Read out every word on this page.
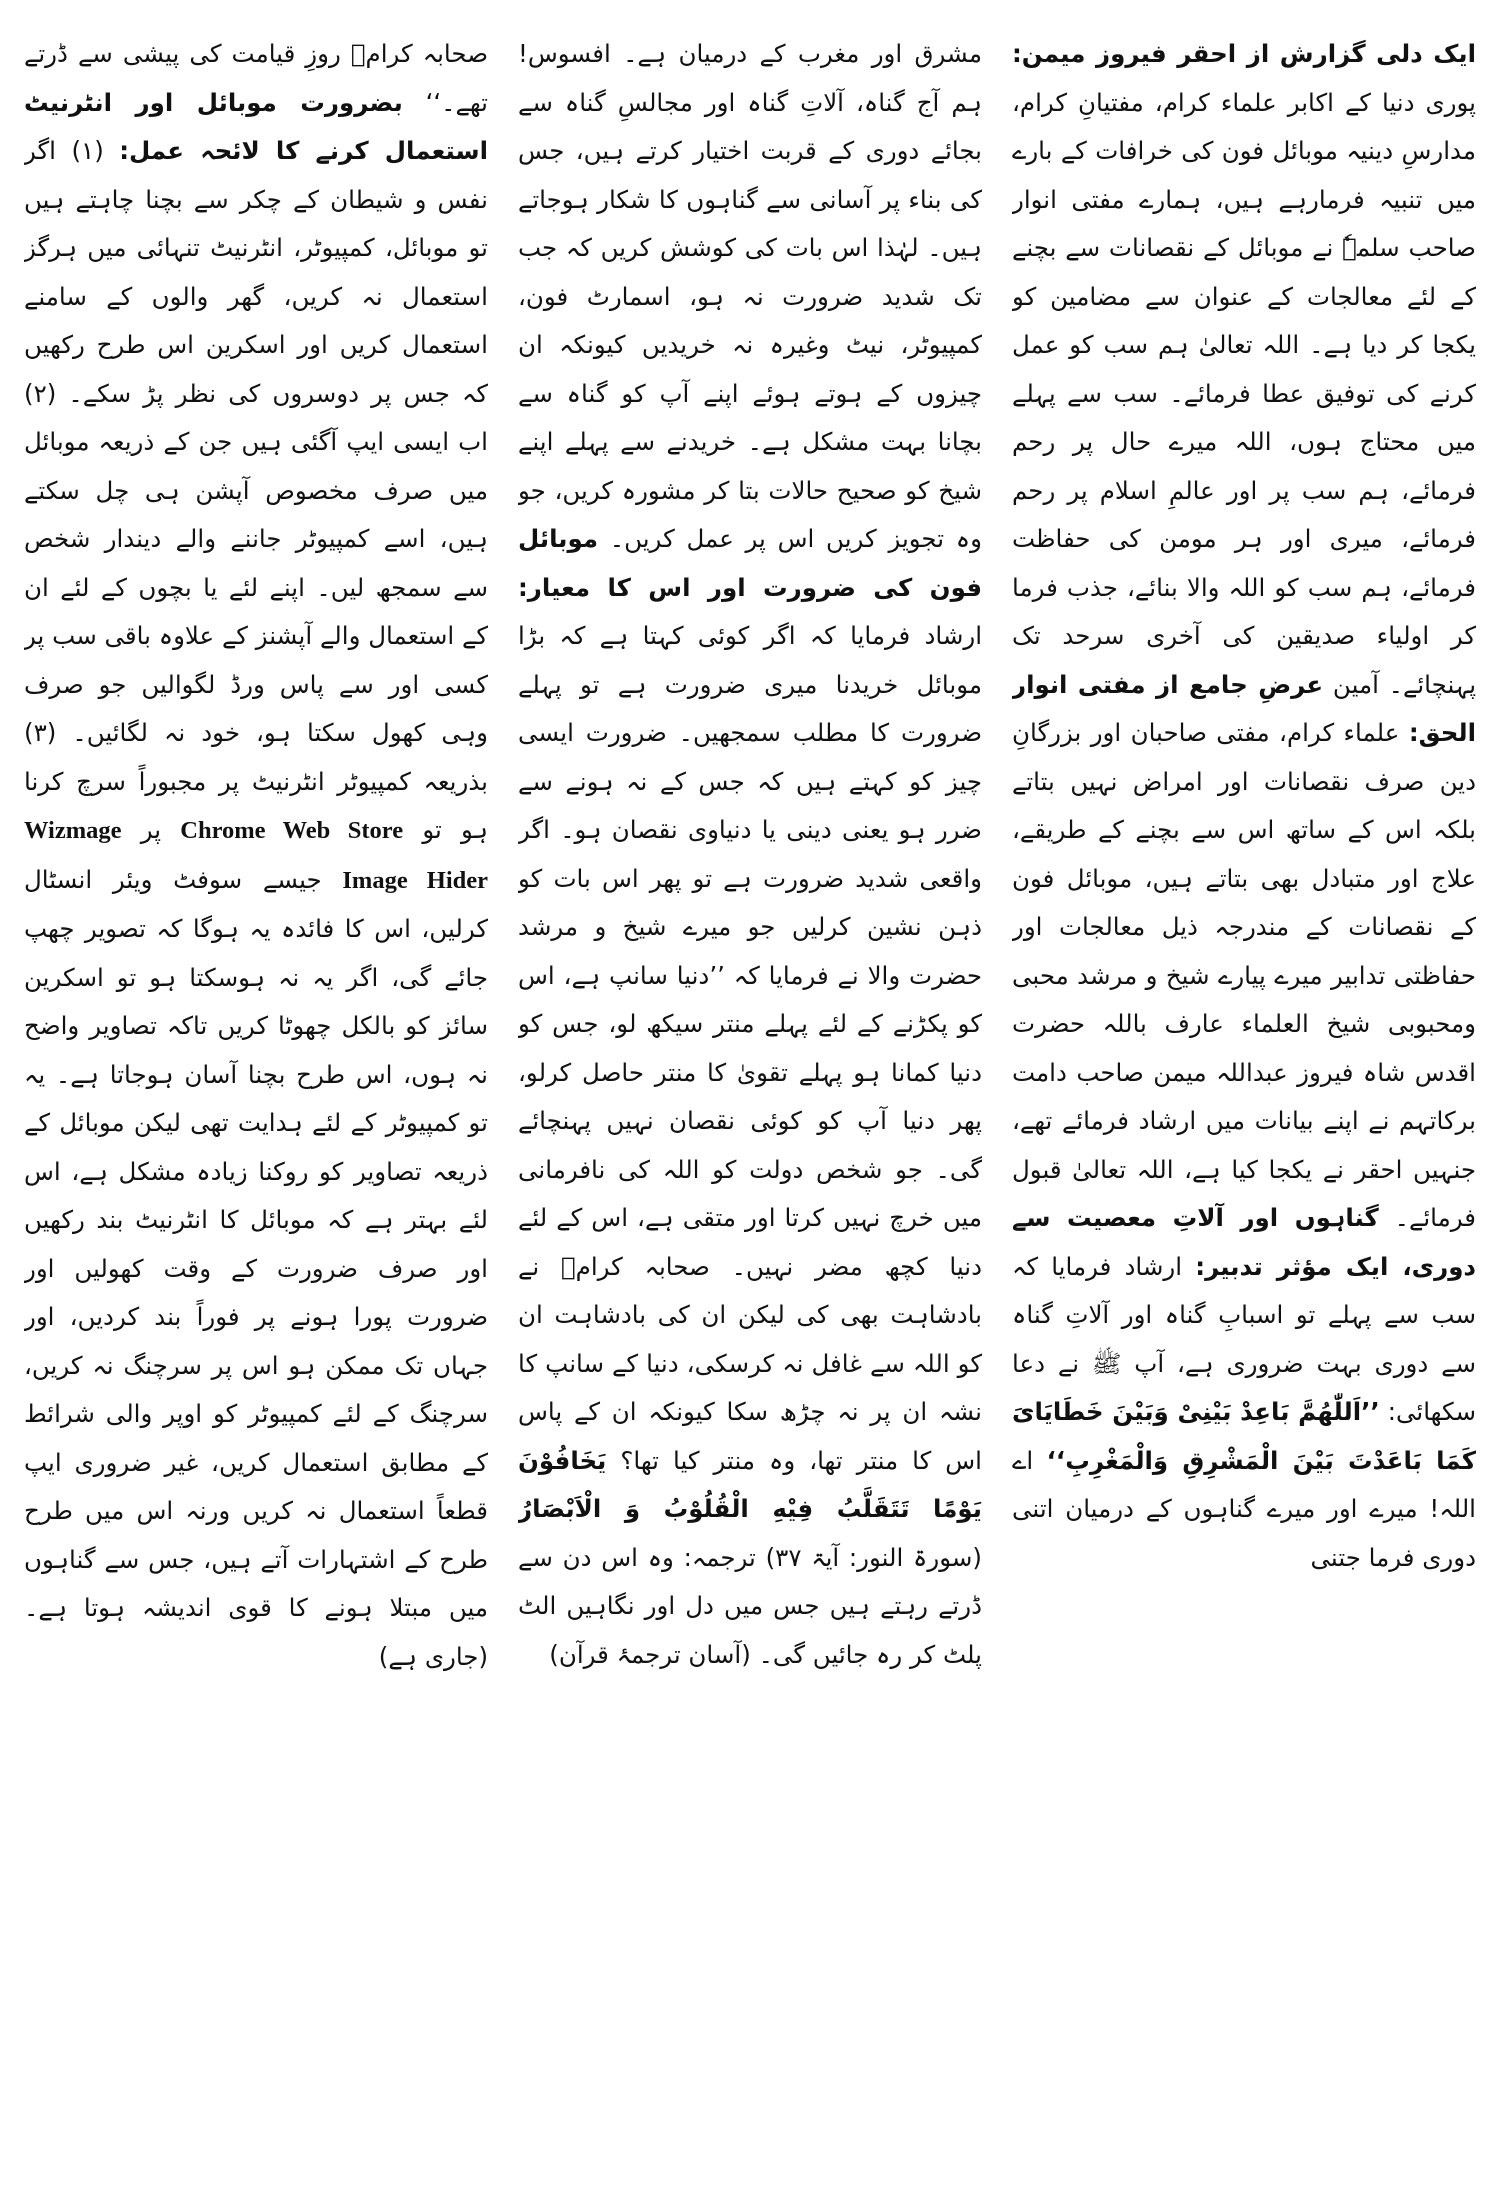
ایک دلی گزارش از احقر فیروز میمن: پوری دنیا کے اکابر علماء کرام، مفتیانِ کرام، مدارسِ دینیہ موبائل فون کی خرافات کے بارے میں تنبیہ فرمارہے ہیں، ہمارے مفتی انوار صاحب سلمہٗ نے موبائل کے نقصانات سے بچنے کے لئے معالجات کے عنوان سے مضامین کو یکجا کر دیا ہے۔ اللہ تعالیٰ ہم سب کو عمل کرنے کی توفیق عطا فرمائے۔ سب سے پہلے میں محتاج ہوں، اللہ میرے حال پر رحم فرمائے، ہم سب پر اور عالمِ اسلام پر رحم فرمائے، میری اور ہر مومن کی حفاظت فرمائے، ہم سب کو اللہ والا بنائے، جذب فرما کر اولیاء صدیقین کی آخری سرحد تک پہنچائے۔ آمین عرضِ جامع از مفتی انوار الحق: علماء کرام، مفتی صاحبان اور بزرگانِ دین صرف نقصانات اور امراض نہیں بتاتے بلکہ اس کے ساتھ اس سے بچنے کے طریقے، علاج اور متبادل بھی بتاتے ہیں، موبائل فون کے نقصانات کے مندرجہ ذیل معالجات اور حفاظتی تدابیر میرے پیارے شیخ و مرشد محبی ومحبوبی شیخ العلماء عارف باللہ حضرت اقدس شاہ فیروز عبداللہ میمن صاحب دامت برکاتہم نے اپنے بیانات میں ارشاد فرمائے تھے، جنہیں احقر نے یکجا کیا ہے، اللہ تعالیٰ قبول فرمائے۔ گناہوں اور آلاتِ معصیت سے دوری، ایک مؤثر تدبیر: ارشاد فرمایا کہ سب سے پہلے تو اسبابِ گناہ اور آلاتِ گناہ سے دوری بہت ضروری ہے، آپ ﷺ نے دعا سکھائی: ’’اَللّٰھُمَّ بَاعِدْ بَیْنِیْ وَبَیْنَ خَطَایَایَ کَمَا بَاعَدْتَ بَیْنَ الْمَشْرِقِ وَالْمَغْرِبِ‘‘ اے اللہ! میرے اور میرے گناہوں کے درمیان اتنی دوری فرما جتنی

مشرق اور مغرب کے درمیان ہے۔ افسوس! ہم آج گناہ، آلاتِ گناہ اور مجالسِ گناہ سے بجائے دوری کے قربت اختیار کرتے ہیں، جس کی بناء پر آسانی سے گناہوں کا شکار ہوجاتے ہیں۔ لہٰذا اس بات کی کوشش کریں کہ جب تک شدید ضرورت نہ ہو، اسمارٹ فون، کمپیوٹر، نیٹ وغیرہ نہ خریدیں کیونکہ ان چیزوں کے ہوتے ہوئے اپنے آپ کو گناہ سے بچانا بہت مشکل ہے۔ خریدنے سے پہلے اپنے شیخ کو صحیح حالات بتا کر مشورہ کریں، جو وہ تجویز کریں اس پر عمل کریں۔ موبائل فون کی ضرورت اور اس کا معیار: ارشاد فرمایا کہ اگر کوئی کہتا ہے کہ بڑا موبائل خریدنا میری ضرورت ہے تو پہلے ضرورت کا مطلب سمجھیں۔ ضرورت ایسی چیز کو کہتے ہیں کہ جس کے نہ ہونے سے ضرر ہو یعنی دینی یا دنیاوی نقصان ہو۔ اگر واقعی شدید ضرورت ہے تو پھر اس بات کو ذہن نشین کرلیں جو میرے شیخ و مرشد حضرت والا نے فرمایا کہ ’’دنیا سانپ ہے، اس کو پکڑنے کے لئے پہلے منتر سیکھ لو، جس کو دنیا کمانا ہو پہلے تقویٰ کا منتر حاصل کرلو، پھر دنیا آپ کو کوئی نقصان نہیں پہنچائے گی۔ جو شخص دولت کو اللہ کی نافرمانی میں خرچ نہیں کرتا اور متقی ہے، اس کے لئے دنیا کچھ مضر نہیں۔ صحابہ کرامؓ نے بادشاہت بھی کی لیکن ان کی بادشاہت ان کو اللہ سے غافل نہ کرسکی، دنیا کے سانپ کا نشہ ان پر نہ چڑھ سکا کیونکہ ان کے پاس اس کا منتر تھا، وہ منتر کیا تھا؟ یَخَافُوْنَ یَوْمًا تَتَقَلَّبُ فِیْهِ الْقُلُوْبُ وَ الْاَبْصَارُ (سورۃ النور: آیۃ ۳۷) ترجمہ: وہ اس دن سے ڈرتے رہتے ہیں جس میں دل اور نگاہیں الٹ پلٹ کر رہ جائیں گی۔ (آسان ترجمۂ قرآن)

صحابہ کرامؓ روزِ قیامت کی پیشی سے ڈرتے تھے۔‘‘ بضرورت موبائل اور انٹرنیٹ استعمال کرنے کا لائحہ عمل: (۱) اگر نفس و شیطان کے چکر سے بچنا چاہتے ہیں تو موبائل، کمپیوٹر، انٹرنیٹ تنہائی میں ہرگز استعمال نہ کریں، گھر والوں کے سامنے استعمال کریں اور اسکرین اس طرح رکھیں کہ جس پر دوسروں کی نظر پڑ سکے۔ (۲) اب ایسی ایپ آگئی ہیں جن کے ذریعہ موبائل میں صرف مخصوص آپشن ہی چل سکتے ہیں، اسے کمپیوٹر جاننے والے دیندار شخص سے سمجھ لیں۔ اپنے لئے یا بچوں کے لئے ان کے استعمال والے آپشنز کے علاوہ باقی سب پر کسی اور سے پاس ورڈ لگوالیں جو صرف وہی کھول سکتا ہو، خود نہ لگائیں۔ (۳) بذریعہ کمپیوٹر انٹرنیٹ پر مجبوراً سرچ کرنا ہو تو Chrome Web Store پر Wizmage Image Hider جیسے سوفٹ ویئر انسٹال کرلیں، اس کا فائدہ یہ ہوگا کہ تصویر چھپ جائے گی، اگر یہ نہ ہوسکتا ہو تو اسکرین سائز کو بالکل چھوٹا کریں تاکہ تصاویر واضح نہ ہوں، اس طرح بچنا آسان ہوجاتا ہے۔ یہ تو کمپیوٹر کے لئے ہدایت تھی لیکن موبائل کے ذریعہ تصاویر کو روکنا زیادہ مشکل ہے، اس لئے بہتر ہے کہ موبائل کا انٹرنیٹ بند رکھیں اور صرف ضرورت کے وقت کھولیں اور ضرورت پورا ہونے پر فوراً بند کردیں، اور جہاں تک ممکن ہو اس پر سرچنگ نہ کریں، سرچنگ کے لئے کمپیوٹر کو اوپر والی شرائط کے مطابق استعمال کریں، غیر ضروری ایپ قطعاً استعمال نہ کریں ورنہ اس میں طرح طرح کے اشتہارات آتے ہیں، جس سے گناہوں میں مبتلا ہونے کا قوی اندیشہ ہوتا ہے۔ (جاری ہے)
